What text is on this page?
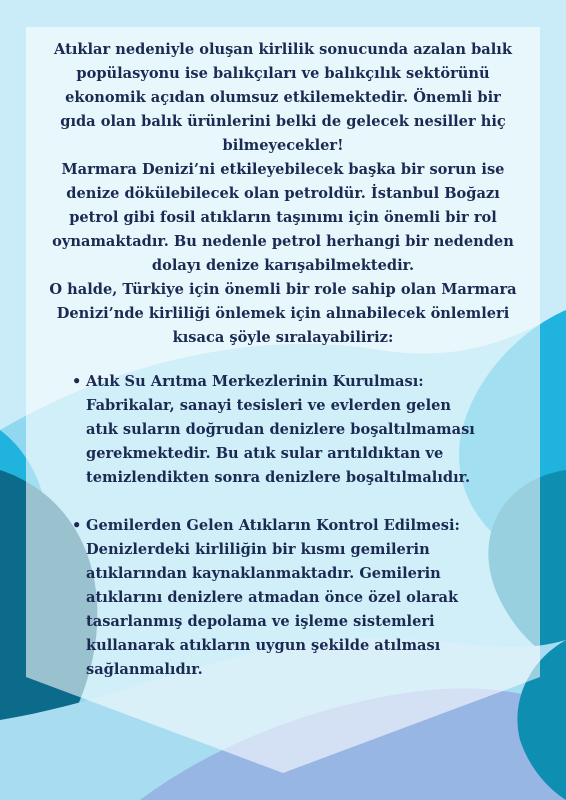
Atıklar nedeniyle oluşan kirlilik sonucunda azalan balık popülasyonu ise balıkçıları ve balıkçılık sektörünü ekonomik açıdan olumsuz etkilemektedir. Önemli bir gıda olan balık ürünlerini belki de gelecek nesiller hiç bilmeyecekler!

Marmara Denizi’ni etkileyebilecek başka bir sorun ise denize dökülebilecek olan petroldür. İstanbul Boğazı petrol gibi fosil atıkların taşınımı için önemli bir rol oynamaktadır. Bu nedenle petrol herhangi bir nedenden dolayı denize karışabilmektedir.

O halde, Türkiye için önemli bir role sahip olan Marmara Denizi’nde kirliliği önlemek için alınabilecek önlemleri kısaca şöyle sıralayabiliriz:

• Atık Su Arıtma Merkezlerinin Kurulması: Fabrikalar, sanayi tesisleri ve evlerden gelen atık suların doğrudan denizlere boşaltılmaması gerekmektedir. Bu atık sular arıtıldıktan ve temizlendikten sonra denizlere boşaltılmalıdır.
• Gemilerden Gelen Atıkların Kontrol Edilmesi: Denizlerdeki kirliliğin bir kısmı gemilerin atıklarından kaynaklanmaktadır. Gemilerin atıklarını denizlere atmadan önce özel olarak tasarlanmış depolama ve işleme sistemleri kullanarak atıkların uygun şekilde atılması sağlanmalıdır.
